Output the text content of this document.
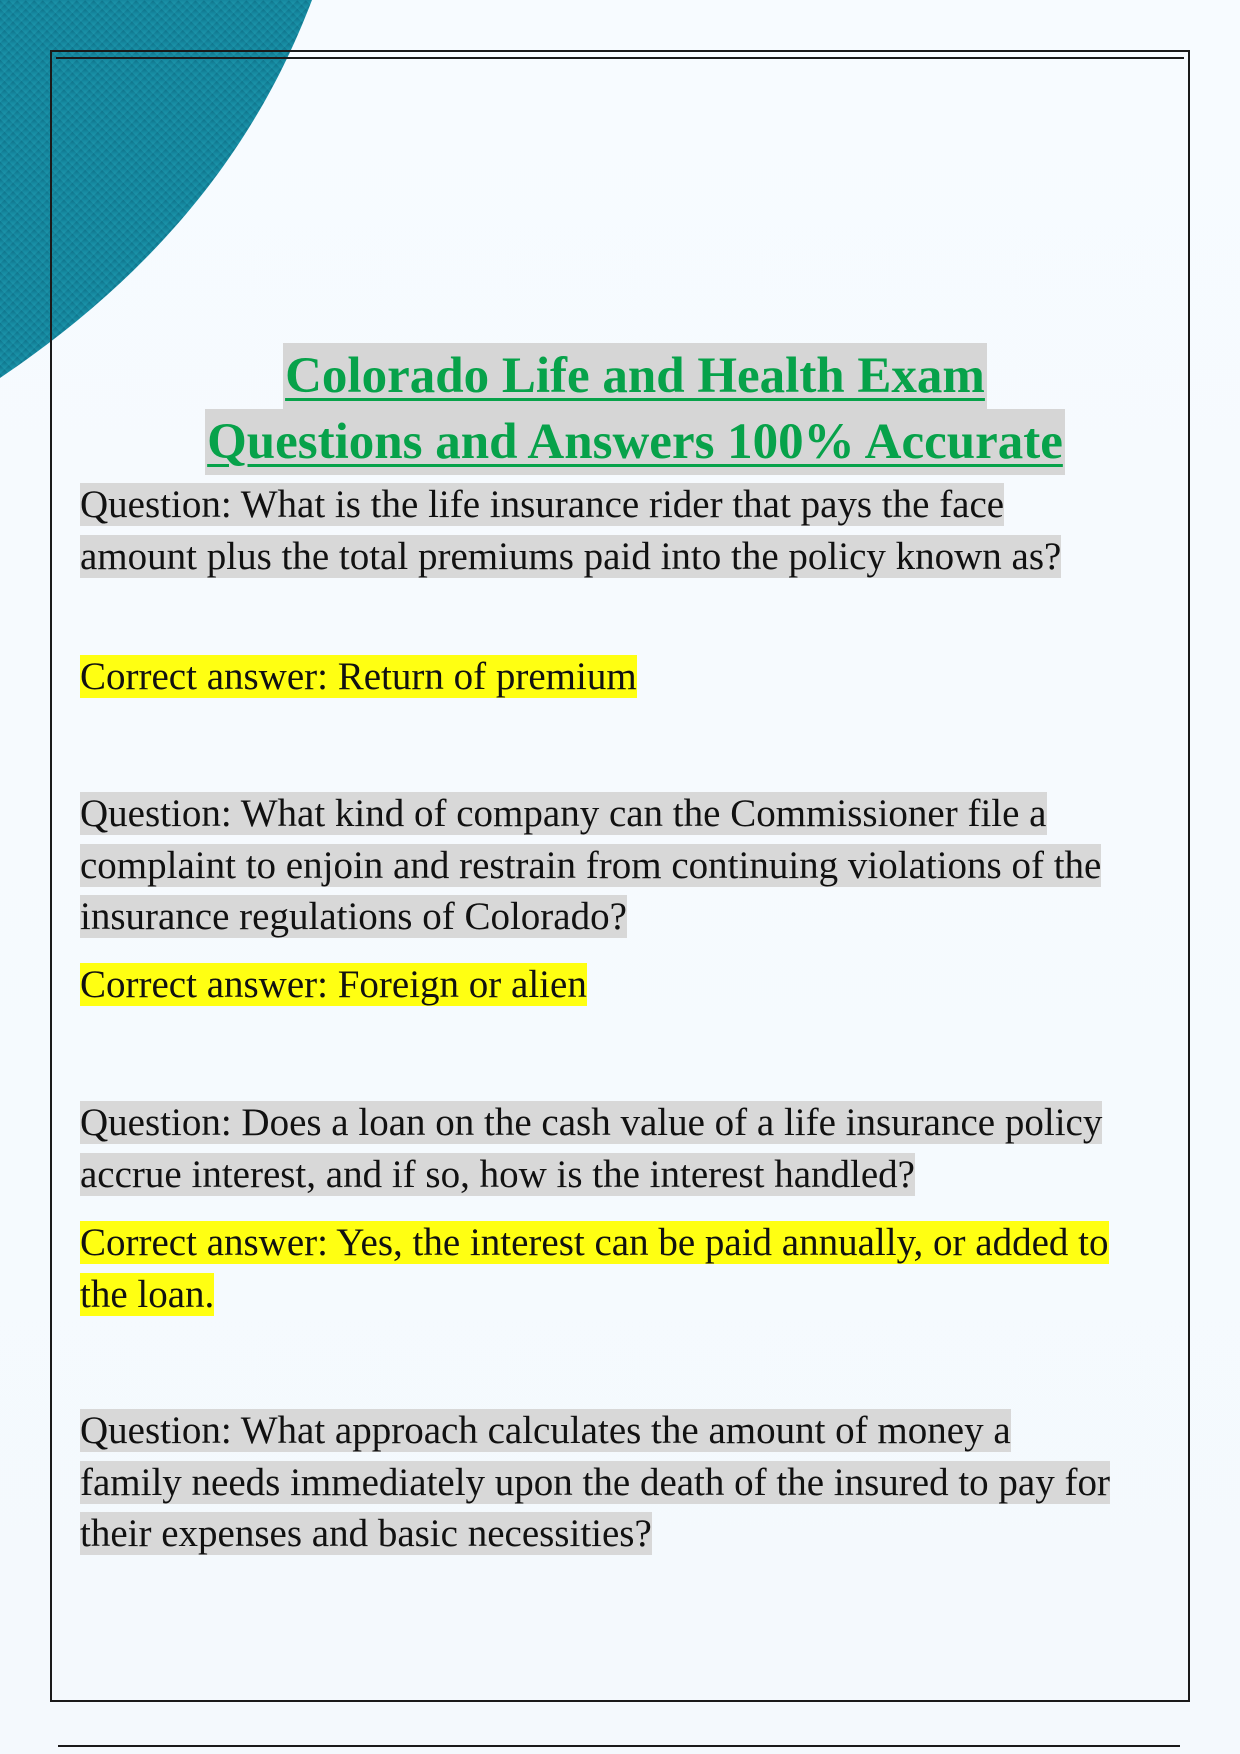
Colorado Life and Health Exam
Questions and Answers 100% Accurate
Question: What is the life insurance rider that pays the face amount plus the total premiums paid into the policy known as?
Correct answer: Return of premium
Question: What kind of company can the Commissioner file a complaint to enjoin and restrain from continuing violations of the insurance regulations of Colorado?
Correct answer: Foreign or alien
Question: Does a loan on the cash value of a life insurance policy accrue interest, and if so, how is the interest handled?
Correct answer: Yes, the interest can be paid annually, or added to the loan.
Question: What approach calculates the amount of money a family needs immediately upon the death of the insured to pay for their expenses and basic necessities?
